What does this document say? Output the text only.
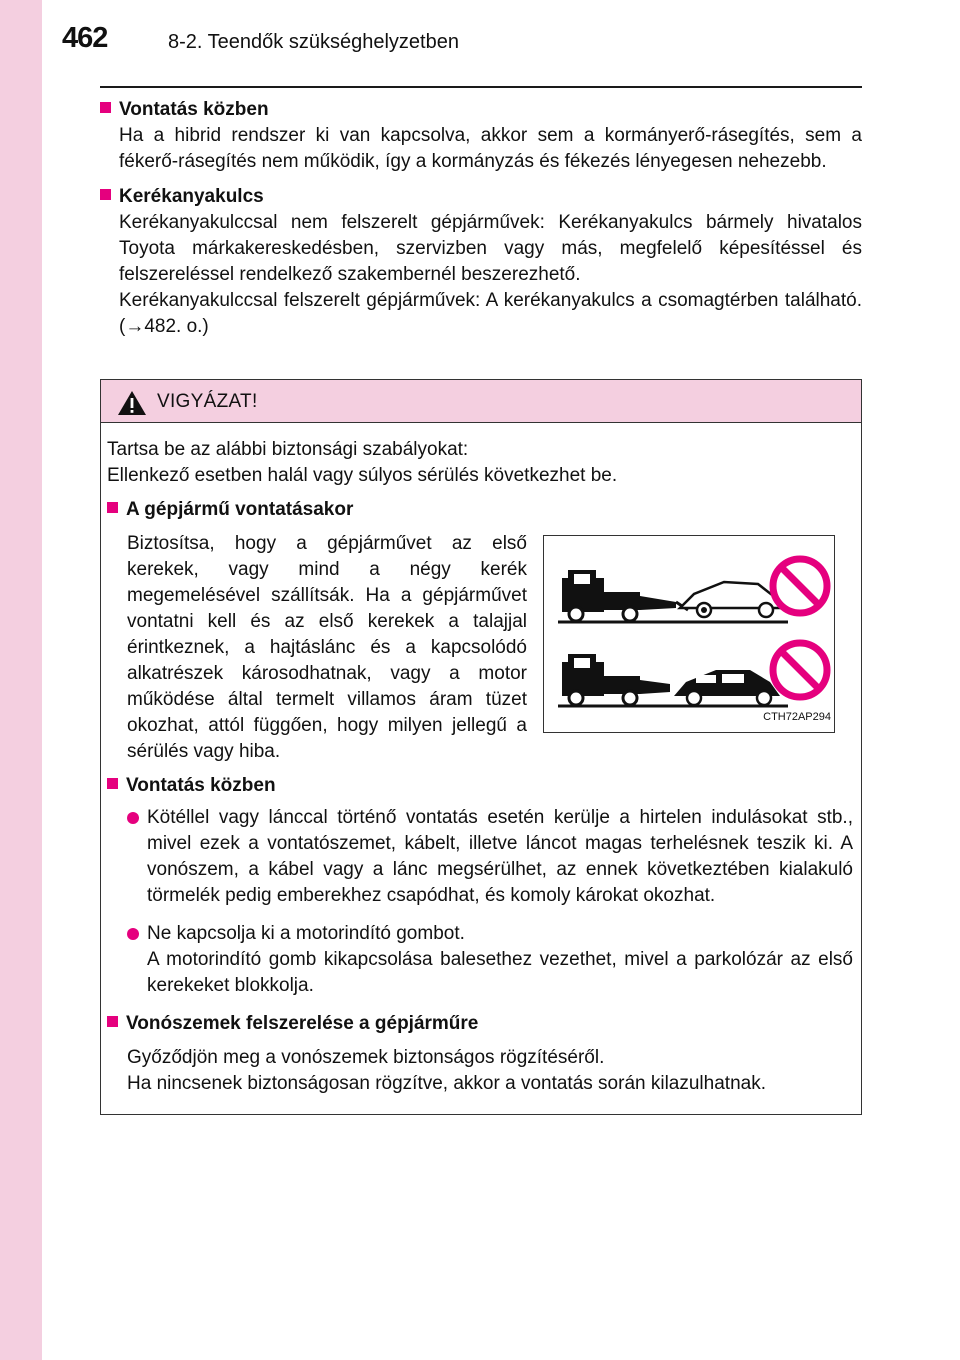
462	8-2. Teendők szükséghelyzetben

Vontatás közben

Ha a hibrid rendszer ki van kapcsolva, akkor sem a kormányerő-rásegítés, sem a fékerő-rásegítés nem működik, így a kormányzás és fékezés lényegesen nehezebb.

Kerékanyakulcs

Kerékanyakulccsal nem felszerelt gépjárművek: Kerékanyakulcs bármely hivatalos Toyota márkakereskedésben, szervizben vagy más, megfelelő képesítéssel és felszereléssel rendelkező szakembernél beszerezhető.

Kerékanyakulccsal felszerelt gépjárművek: A kerékanyakulcs a csomagtérben található. (→482. o.)

VIGYÁZAT!

Tartsa be az alábbi biztonsági szabályokat:

Ellenkező esetben halál vagy súlyos sérülés következhet be.

A gépjármű vontatásakor

Biztosítsa, hogy a gépjárművet az első kerekek, vagy mind a négy kerék megemelésével szállítsák. Ha a gépjárművet vontatni kell és az első kerekek a talajjal érintkeznek, a hajtáslánc és a kapcsolódó alkatrészek károsodhatnak, vagy a motor működése által termelt villamos áram tüzet okozhat, attól függően, hogy milyen jellegű a sérülés vagy hiba.

CTH72AP294

Vontatás közben

Kötéllel vagy lánccal történő vontatás esetén kerülje a hirtelen indulásokat stb., mivel ezek a vontatószemet, kábelt, illetve láncot magas terhelésnek teszik ki. A vonószem, a kábel vagy a lánc megsérülhet, az ennek következtében kialakuló törmelék pedig emberekhez csapódhat, és komoly károkat okozhat.

Ne kapcsolja ki a motorindító gombot.

A motorindító gomb kikapcsolása balesethez vezethet, mivel a parkolózár az első kerekeket blokkolja.

Vonószemek felszerelése a gépjárműre

Győződjön meg a vonószemek biztonságos rögzítéséről.

Ha nincsenek biztonságosan rögzítve, akkor a vontatás során kilazulhatnak.
